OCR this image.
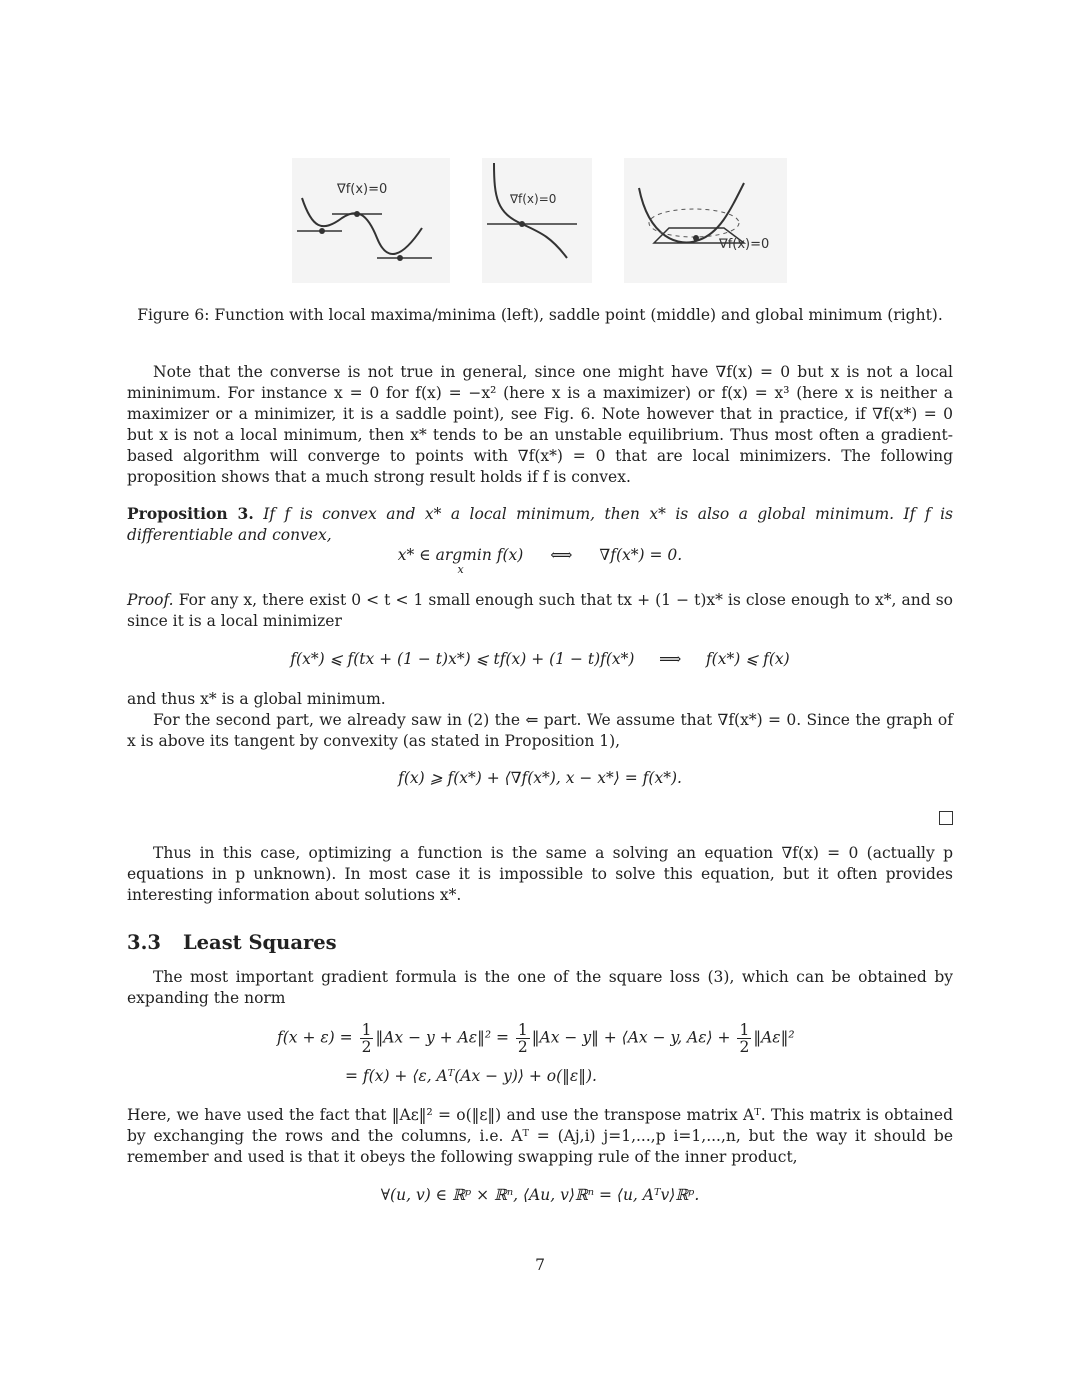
∇f(x)=0
∇f(x)=0
∇f(x)=0
Figure 6: Function with local maxima/minima (left), saddle point (middle) and global minimum (right).
Note that the converse is not true in general, since one might have ∇f(x) = 0 but x is not a local mininimum. For instance x = 0 for f(x) = −x² (here x is a maximizer) or f(x) = x³ (here x is neither a maximizer or a minimizer, it is a saddle point), see Fig. 6. Note however that in practice, if ∇f(x*) = 0 but x is not a local minimum, then x* tends to be an unstable equilibrium. Thus most often a gradient-based algorithm will converge to points with ∇f(x*) = 0 that are local minimizers. The following proposition shows that a much strong result holds if f is convex.
Proposition 3. If f is convex and x* a local minimum, then x* is also a global minimum. If f is differentiable and convex,
x* ∈ argmin f(x)
x
⟺ ∇f(x*) = 0.
Proof. For any x, there exist 0 < t < 1 small enough such that tx + (1 − t)x* is close enough to x*, and so since it is a local minimizer
f(x*) ⩽ f(tx + (1 − t)x*) ⩽ tf(x) + (1 − t)f(x*)     ⟹     f(x*) ⩽ f(x)
and thus x* is a global minimum.
For the second part, we already saw in (2) the ⇐ part. We assume that ∇f(x*) = 0. Since the graph of x is above its tangent by convexity (as stated in Proposition 1),
f(x) ⩾ f(x*) + ⟨∇f(x*), x − x*⟩ = f(x*).
Thus in this case, optimizing a function is the same a solving an equation ∇f(x) = 0 (actually p equations in p unknown). In most case it is impossible to solve this equation, but it often provides interesting information about solutions x*.
3.3 Least Squares
The most important gradient formula is the one of the square loss (3), which can be obtained by expanding the norm
$f(x + \varepsilon) = \frac{1}{2}$ ‖Ax − y + Aε‖² = $\frac{1}{2}$ ‖Ax − y‖ + ⟨Ax − y, Aε⟩ + $\frac{1}{2}$ ‖Aε‖²
= f(x) + ⟨ε, Aᵀ(Ax − y)⟩ + o(‖ε‖).
Here, we have used the fact that ‖Aε‖² = o(‖ε‖) and use the transpose matrix Aᵀ. This matrix is obtained by exchanging the rows and the columns, i.e. Aᵀ = (Aj,i) j=1,...,p i=1,...,n, but the way it should be remember and used is that it obeys the following swapping rule of the inner product,
∀(u, v) ∈ ℝᵖ × ℝⁿ, ⟨Au, v⟩ℝⁿ = ⟨u, Aᵀv⟩ℝᵖ.
7
